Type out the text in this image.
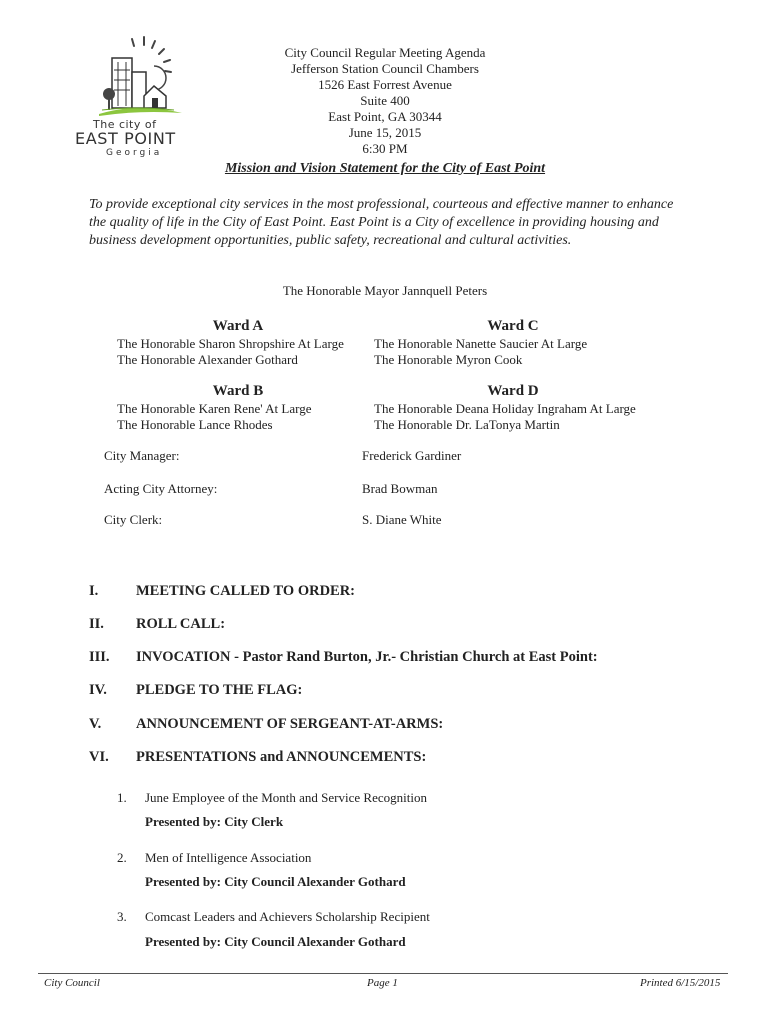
The city of
EAST POINT
Georgia
City Council Regular Meeting Agenda
Jefferson Station Council Chambers
1526 East Forrest Avenue
Suite 400
East Point, GA 30344
June 15, 2015
6:30 PM
Mission and Vision Statement for the City of East Point
To provide exceptional city services in the most professional, courteous and effective manner to enhance the quality of life in the City of East Point. East Point is a City of excellence in providing housing and business development opportunities, public safety, recreational and cultural activities.
The Honorable Mayor Jannquell Peters
Ward A
The Honorable Sharon Shropshire At Large
The Honorable Alexander Gothard
Ward C
The Honorable Nanette Saucier At Large
The Honorable Myron Cook
Ward B
The Honorable Karen Rene' At Large
The Honorable Lance Rhodes
Ward D
The Honorable Deana Holiday Ingraham At Large
The Honorable Dr. LaTonya Martin
City Manager:	Frederick Gardiner
Acting City Attorney:	Brad Bowman
City Clerk:	S. Diane White
I.	MEETING CALLED TO ORDER:
II. ROLL CALL:
III. INVOCATION - Pastor Rand Burton, Jr.- Christian Church at East Point:
IV. PLEDGE TO THE FLAG:
V. ANNOUNCEMENT OF SERGEANT-AT-ARMS:
VI. PRESENTATIONS and ANNOUNCEMENTS:
1. June Employee of the Month and Service Recognition
Presented by: City Clerk
2. Men of Intelligence Association
Presented by: City Council Alexander Gothard
3. Comcast Leaders and Achievers Scholarship Recipient
Presented by: City Council Alexander Gothard
City Council	Page 1	Printed 6/15/2015
